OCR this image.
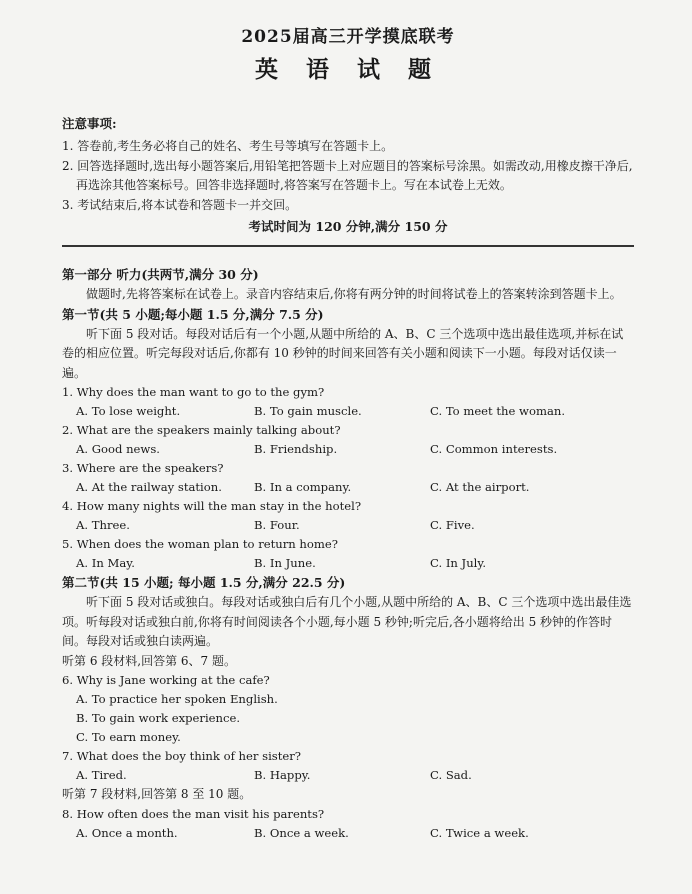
2025届高三开学摸底联考
英 语 试 题
注意事项:

1. 答卷前,考生务必将自己的姓名、考生号等填写在答题卡上。

2. 回答选择题时,选出每小题答案后,用铅笔把答题卡上对应题目的答案标号涂黑。如需改动,用橡皮擦干净后,再选涂其他答案标号。回答非选择题时,将答案写在答题卡上。写在本试卷上无效。

3. 考试结束后,将本试卷和答题卡一并交回。

考试时间为 120 分钟,满分 150 分

第一部分 听力(共两节,满分 30 分)

做题时,先将答案标在试卷上。录音内容结束后,你将有两分钟的时间将试卷上的答案转涂到答题卡上。

第一节(共 5 小题;每小题 1.5 分,满分 7.5 分)

听下面 5 段对话。每段对话后有一个小题,从题中所给的 A、B、C 三个选项中选出最佳选项,并标在试卷的相应位置。听完每段对话后,你都有 10 秒钟的时间来回答有关小题和阅读下一小题。每段对话仅读一遍。

1. Why does the man want to go to the gym?

A. To lose weight.	B. To gain muscle.	C. To meet the woman.

2. What are the speakers mainly talking about?

A. Good news.	B. Friendship.	C. Common interests.

3. Where are the speakers?

A. At the railway station.	B. In a company.	C. At the airport.

4. How many nights will the man stay in the hotel?

A. Three.	B. Four.	C. Five.

5. When does the woman plan to return home?

A. In May.	B. In June.	C. In July.

第二节(共 15 小题; 每小题 1.5 分,满分 22.5 分)

听下面 5 段对话或独白。每段对话或独白后有几个小题,从题中所给的 A、B、C 三个选项中选出最佳选项。听每段对话或独白前,你将有时间阅读各个小题,每小题 5 秒钟;听完后,各小题将给出 5 秒钟的作答时间。每段对话或独白读两遍。

听第 6 段材料,回答第 6、7 题。

6. Why is Jane working at the cafe?

A. To practice her spoken English.
B. To gain work experience.
C. To earn money.

7. What does the boy think of her sister?

A. Tired.	B. Happy.	C. Sad.

听第 7 段材料,回答第 8 至 10 题。

8. How often does the man visit his parents?

A. Once a month.	B. Once a week.	C. Twice a week.
